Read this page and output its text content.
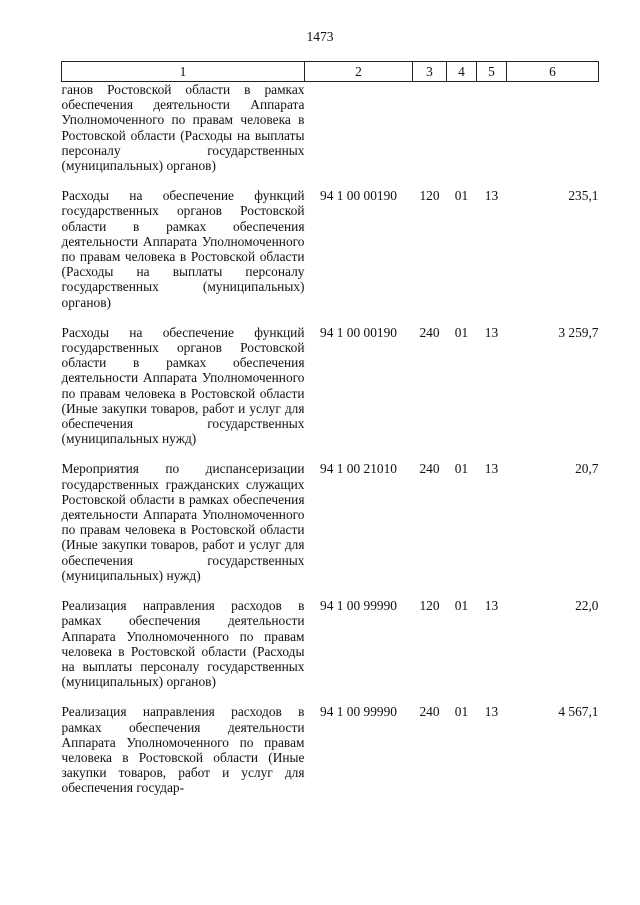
1473
1	2	3	4	5	6

ганов Ростовской области в рамках обеспечения деятельности Аппарата Уполномоченного по правам человека в Ростовской области (Расходы на выплаты персоналу государственных (муниципальных) органов)					

Расходы на обеспечение функций государственных органов Ростовской области в рамках обеспечения деятельности Аппарата Уполномоченного по правам человека в Ростовской области (Расходы на выплаты персоналу государственных (муниципальных) органов)	94 1 00 00190	120	01	13	235,1

Расходы на обеспечение функций государственных органов Ростовской области в рамках обеспечения деятельности Аппарата Уполномоченного по правам человека в Ростовской области (Иные закупки товаров, работ и услуг для обеспечения государственных (муниципальных нужд)	94 1 00 00190	240	01	13	3 259,7

Мероприятия по диспансеризации государственных гражданских служащих Ростовской области в рамках обеспечения деятельности Аппарата Уполномоченного по правам человека в Ростовской области (Иные закупки товаров, работ и услуг для обеспечения государственных (муниципальных) нужд)	94 1 00 21010	240	01	13	20,7

Реализация направления расходов в рамках обеспечения деятельности Аппарата Уполномоченного по правам человека в Ростовской области (Расходы на выплаты персоналу государственных (муниципальных) органов)	94 1 00 99990	120	01	13	22,0

Реализация направления расходов в рамках обеспечения деятельности Аппарата Уполномоченного по правам человека в Ростовской области (Иные закупки товаров, работ и услуг для обеспечения государ-	94 1 00 99990	240	01	13	4 567,1
